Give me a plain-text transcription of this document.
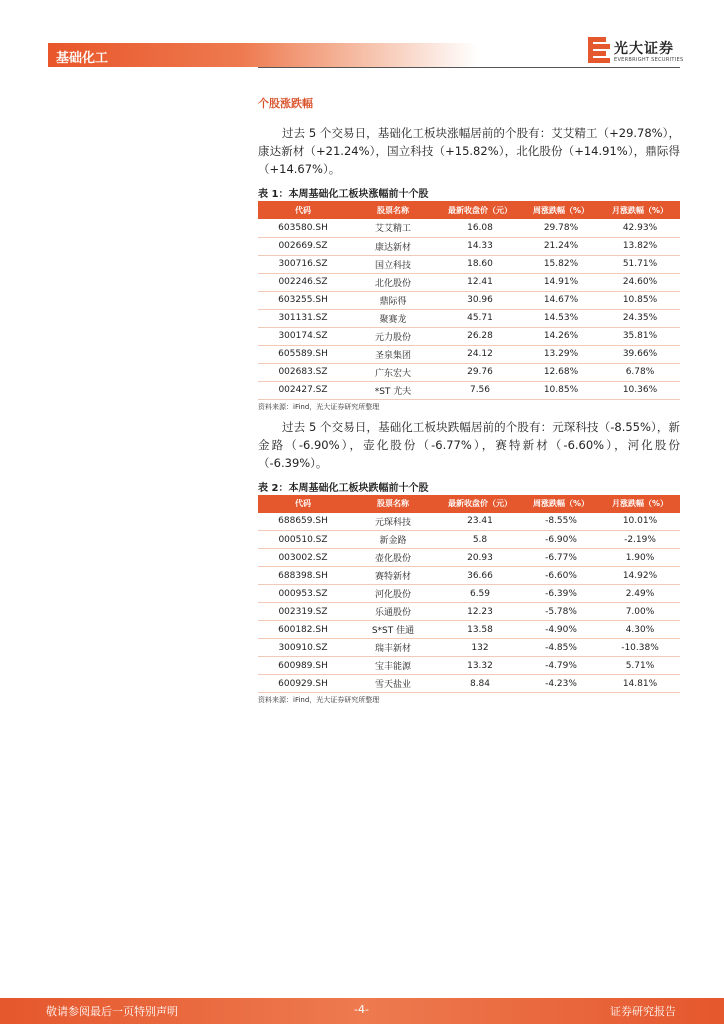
基础化工
光大证券
EVERBRIGHT SECURITIES
个股涨跌幅

过去 5 个交易日，基础化工板块涨幅居前的个股有：艾艾精工（+29.78%），康达新材（+21.24%），国立科技（+15.82%），北化股份（+14.91%），鼎际得（+14.67%）。

表 1：本周基础化工板块涨幅前十个股
代码	股票名称	最新收盘价（元）	周涨跌幅（%）	月涨跌幅（%）
603580.SH	艾艾精工	16.08	29.78%	42.93%
002669.SZ	康达新材	14.33	21.24%	13.82%
300716.SZ	国立科技	18.60	15.82%	51.71%
002246.SZ	北化股份	12.41	14.91%	24.60%
603255.SH	鼎际得	30.96	14.67%	10.85%
301131.SZ	聚赛龙	45.71	14.53%	24.35%
300174.SZ	元力股份	26.28	14.26%	35.81%
605589.SH	圣泉集团	24.12	13.29%	39.66%
002683.SZ	广东宏大	29.76	12.68%	6.78%
002427.SZ	*ST 尤夫	7.56	10.85%	10.36%
资料来源：iFind，光大证券研究所整理

过去 5 个交易日，基础化工板块跌幅居前的个股有：元琛科技（-8.55%），新金路（-6.90%），壶化股份（-6.77%），赛特新材（-6.60%），河化股份（-6.39%）。

表 2：本周基础化工板块跌幅前十个股
代码	股票名称	最新收盘价（元）	周涨跌幅（%）	月涨跌幅（%）
688659.SH	元琛科技	23.41	-8.55%	10.01%
000510.SZ	新金路	5.8	-6.90%	-2.19%
003002.SZ	壶化股份	20.93	-6.77%	1.90%
688398.SH	赛特新材	36.66	-6.60%	14.92%
000953.SZ	河化股份	6.59	-6.39%	2.49%
002319.SZ	乐通股份	12.23	-5.78%	7.00%
600182.SH	S*ST 佳通	13.58	-4.90%	4.30%
300910.SZ	瑞丰新材	132	-4.85%	-10.38%
600989.SH	宝丰能源	13.32	-4.79%	5.71%
600929.SH	雪天盐业	8.84	-4.23%	14.81%
资料来源：iFind，光大证券研究所整理
敬请参阅最后一页特别声明	-4-	证券研究报告
